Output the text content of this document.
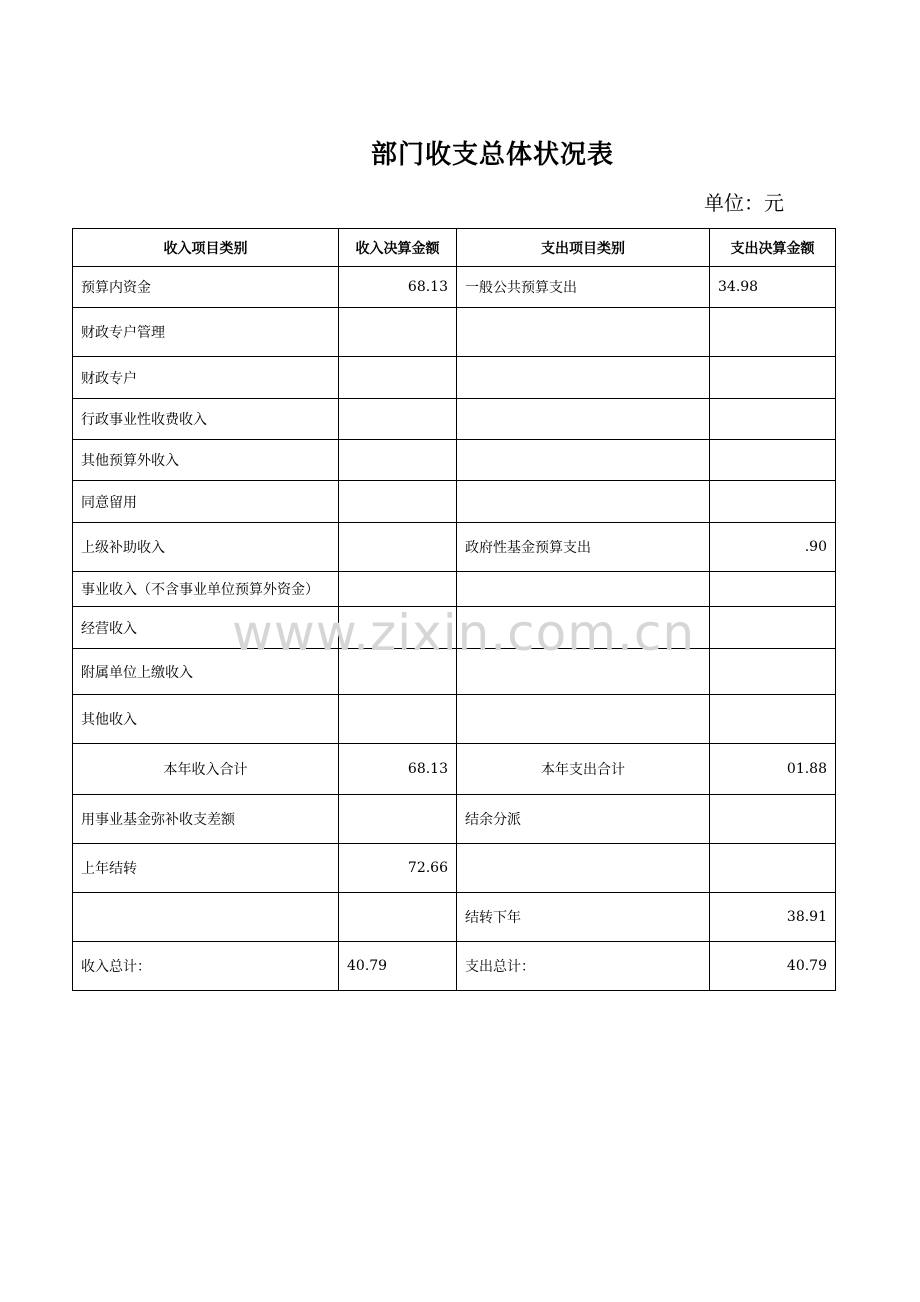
部门收支总体状况表
单位：元
www.zixin.com.cn
收入项目类别	收入决算金额	支出项目类别	支出决算金额
预算内资金	68.13	一般公共预算支出	34.98
财政专户管理			
财政专户			
行政事业性收费收入			
其他预算外收入			
同意留用			
上级补助收入		政府性基金预算支出	.90
事业收入（不含事业单位预算外资金）			
经营收入			
附属单位上缴收入			
其他收入			
本年收入合计	68.13	本年支出合计	01.88
用事业基金弥补收支差额		结余分派	
上年结转	72.66		
		结转下年	38.91
收入总计：	40.79	支出总计：	40.79
